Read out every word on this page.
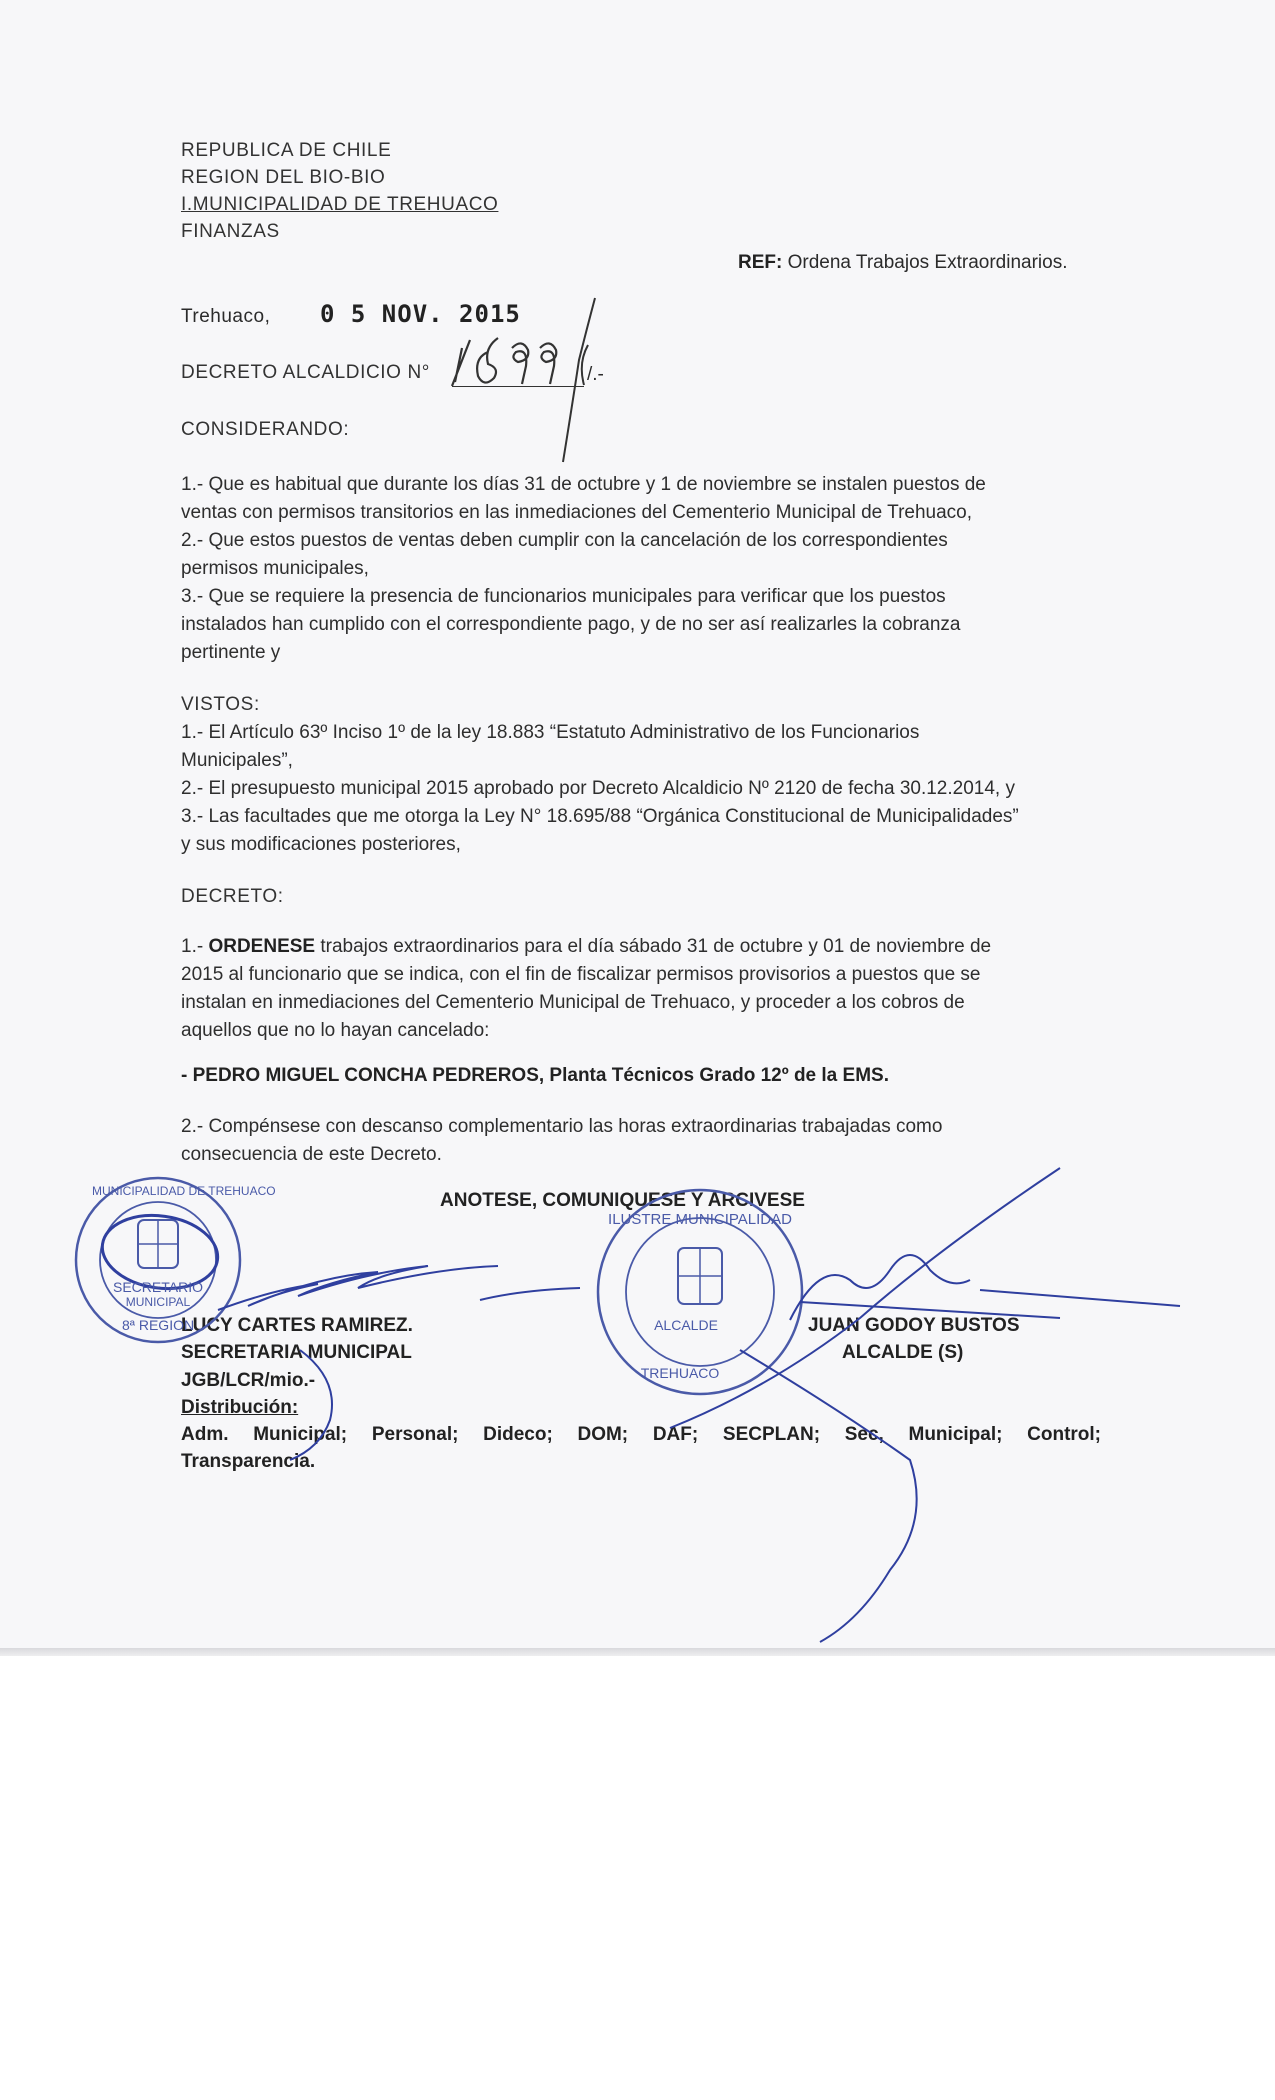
REPUBLICA DE CHILE
REGION DEL BIO-BIO
I.MUNICIPALIDAD DE TREHUACO
FINANZAS
REF: Ordena Trabajos Extraordinarios.
Trehuaco, 0 5 NOV. 2015
DECRETO ALCALDICIO N°	/.-
CONSIDERANDO:
1.- Que es habitual que durante los días 31 de octubre y 1 de noviembre se instalen puestos de
ventas con permisos transitorios en las inmediaciones del Cementerio Municipal de Trehuaco,
2.- Que estos puestos de ventas deben cumplir con la cancelación de los correspondientes
permisos municipales,
3.- Que se requiere la presencia de funcionarios municipales para verificar que los puestos
instalados han cumplido con el correspondiente pago, y de no ser así realizarles la cobranza
pertinente y
VISTOS:
1.- El Artículo 63º Inciso 1º de la ley 18.883 “Estatuto Administrativo de los Funcionarios
Municipales”,
2.- El presupuesto municipal 2015 aprobado por Decreto Alcaldicio Nº 2120 de fecha 30.12.2014, y
3.- Las facultades que me otorga la Ley N° 18.695/88 “Orgánica Constitucional de Municipalidades”
y sus modificaciones posteriores,
DECRETO:
1.- ORDENESE trabajos extraordinarios para el día sábado 31 de octubre y 01 de noviembre de
2015 al funcionario que se indica, con el fin de fiscalizar permisos provisorios a puestos que se
instalan en inmediaciones del Cementerio Municipal de Trehuaco, y proceder a los cobros de
aquellos que no lo hayan cancelado:
- PEDRO MIGUEL CONCHA PEDREROS, Planta Técnicos Grado 12º de la EMS.
2.- Compénsese con descanso complementario las horas extraordinarias trabajadas como
consecuencia de este Decreto.
ANOTESE, COMUNIQUESE Y ARCIVESE
LUCY CARTES RAMIREZ.
SECRETARIA MUNICIPAL
JUAN GODOY BUSTOS
ALCALDE (S)
JGB/LCR/mio.-
Distribución:
Adm. Municipal; Personal; Dideco; DOM; DAF; SECPLAN; Sec, Municipal; Control;
Transparencia.
SECRETARIO
MUNICIPAL
8ª REGION
MUNICIPALIDAD DE TREHUACO
ILUSTRE MUNICIPALIDAD
ALCALDE
TREHUACO
